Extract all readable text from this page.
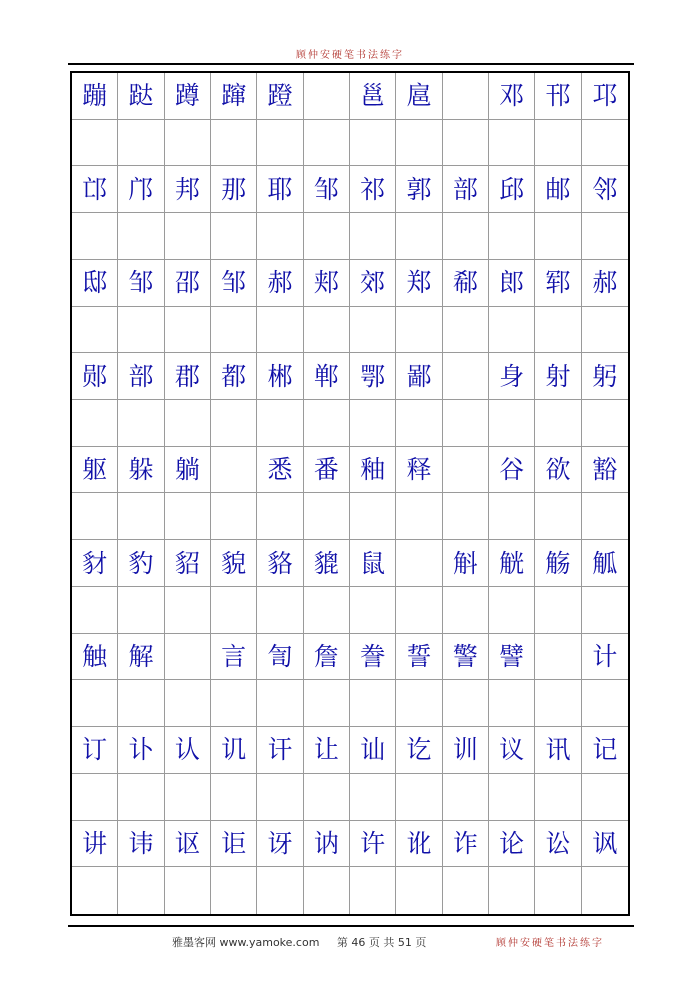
顾仲安硬笔书法练字
蹦 跶 蹲 蹿 蹬	邕 扈	邓 邗 邛
邙 邝 邦 那 耶 邹 祁 郭 部 邱 邮 邻
邸 邹 邵 邹 郝 郏 郊 郑 郗 郎 郓 郝
郧 部 郡 都 郴 郸 鄂 鄙	身 射 躬
躯 躲 躺	悉 番 釉 释	谷 欲 豁
豺 豹 貂 貌 貉 貔 鼠	斛 觥 觞 觚
触 解	言 訇 詹 誊 誓 警 譬	计
订 讣 认 讥 讦 让 讪 讫 训 议 讯 记
讲 讳 讴 讵 讶 讷 许 讹 诈 论 讼 讽
雅墨客网 www.yamoke.com 第 46 页 共 51 页	顾仲安硬笔书法练字
